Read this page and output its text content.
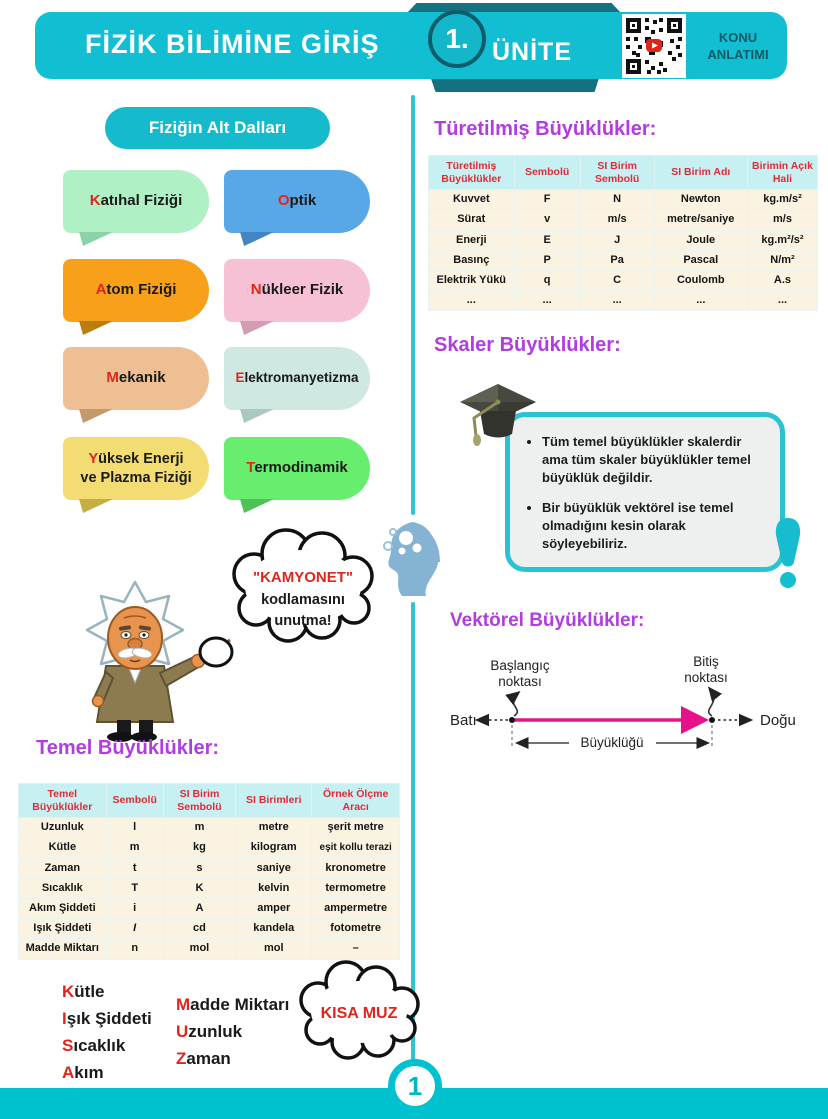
FİZİK BİLİMİNE GİRİŞ 1. ÜNİTE
KONU
ANLATIMI
Fiziğin Alt Dalları
Katıhal Fiziği	Optik
Atom Fiziği	Nükleer Fizik
Mekanik	Elektromanyetizma
Yüksek Enerji
ve Plazma Fiziği
Termodinamik
"KAMYONET"
kodlamasını
unutma!
Temel Büyüklükler:
Temel Büyüklükler	Sembolü	SI Birim Sembolü	SI Birimleri	Örnek Ölçme Aracı
Uzunluk	l	m	metre	şerit metre
Kütle	m	kg	kilogram	eşit kollu terazi
Zaman	t	s	saniye	kronometre
Sıcaklık	T	K	kelvin	termometre
Akım Şiddeti	i	A	amper	ampermetre
Işık Şiddeti	I	cd	kandela	fotometre
Madde Miktarı	n	mol	mol	–
Kütle
Işık Şiddeti
Sıcaklık
Akım
Madde Miktarı
Uzunluk
Zaman
KISA MUZ
Türetilmiş Büyüklükler:
Türetilmiş Büyüklükler	Sembolü	SI Birim Sembolü	SI Birim Adı	Birimin Açık Hali
Kuvvet	F	N	Newton	kg.m/s²
Sürat	v	m/s	metre/saniye	m/s
Enerji	E	J	Joule	kg.m²/s²
Basınç	P	Pa	Pascal	N/m²
Elektrik Yükü	q	C	Coulomb	A.s
...	...	...	...	...
Skaler Büyüklükler:
• Tüm temel büyüklükler skalerdir ama tüm skaler büyüklükler temel büyüklük değildir.
• Bir büyüklük vektörel ise temel olmadığını kesin olarak söyleyebiliriz.
Vektörel Büyüklükler:
Başlangıç
noktası
Bitiş
noktası
Batı	Doğu
Büyüklüğü
1
